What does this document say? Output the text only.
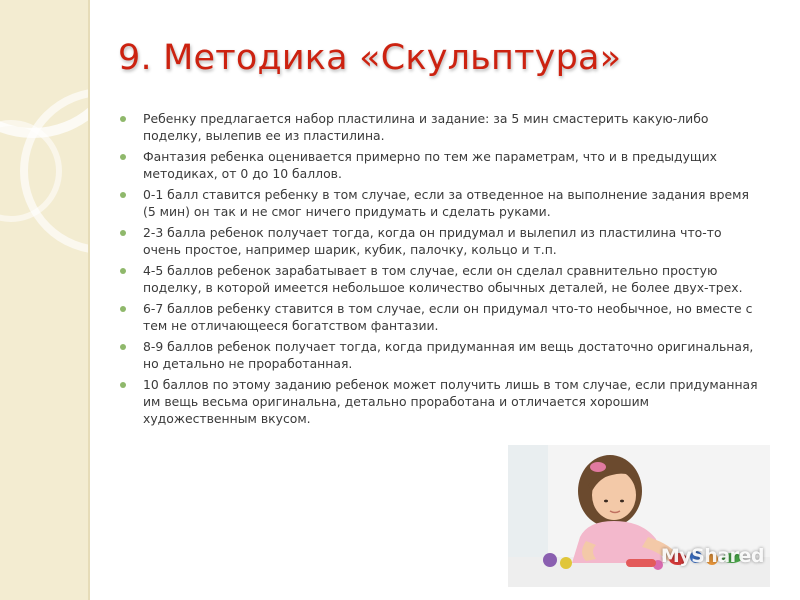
9. Методика «Скульптура»
Ребенку предлагается набор пластилина и задание: за 5 мин смастерить какую-либо поделку, вылепив ее из пластилина.
Фантазия ребенка оценивается примерно по тем же параметрам, что и в предыдущих методиках, от 0 до 10 баллов.
0-1 балл ставится ребенку в том случае, если за отведенное на выполнение задания время (5 мин) он так и не смог ничего придумать и сделать руками.
2-3 балла ребенок получает тогда, когда он придумал и вылепил из пластилина что-то очень простое, например шарик, кубик, палочку, кольцо и т.п.
4-5 баллов ребенок зарабатывает в том случае, если он сделал сравнительно простую поделку, в которой имеется небольшое количество обычных деталей, не более двух-трех.
6-7 баллов ребенку ставится в том случае, если он придумал что-то необычное, но вместе с тем не отличающееся богатством фантазии.
8-9 баллов ребенок получает тогда, когда придуманная им вещь достаточно оригинальная, но детально не проработанная.
10 баллов по этому заданию ребенок может получить лишь в том случае, если придуманная им вещь весьма оригинальна, детально проработана и отличается хорошим художественным вкусом.
MyShared
